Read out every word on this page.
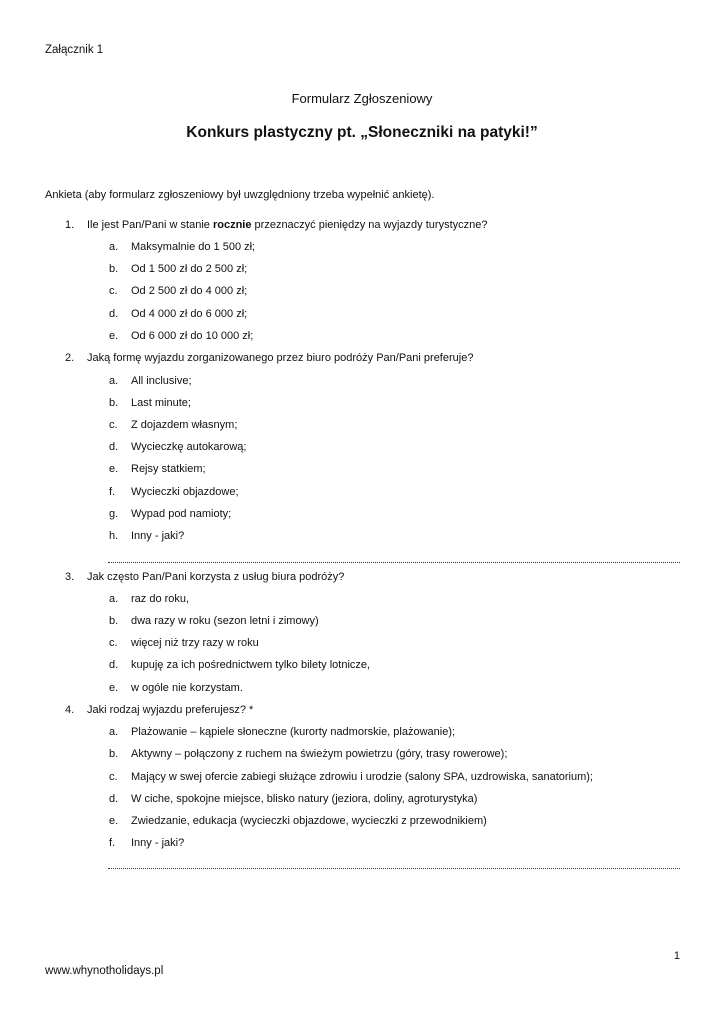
Załącznik 1
Formularz Zgłoszeniowy
Konkurs plastyczny pt. „Słoneczniki na patyki!”
Ankieta (aby formularz zgłoszeniowy był uwzględniony trzeba wypełnić ankietę).
1. Ile jest Pan/Pani w stanie rocznie przeznaczyć pieniędzy na wyjazdy turystyczne?
a. Maksymalnie do 1 500 zł;
b. Od 1 500 zł do 2 500 zł;
c. Od 2 500 zł do 4 000 zł;
d. Od 4 000 zł do 6 000 zł;
e. Od 6 000 zł do 10 000 zł;
2. Jaką formę wyjazdu zorganizowanego przez biuro podróży Pan/Pani preferuje?
a. All inclusive;
b. Last minute;
c. Z dojazdem własnym;
d. Wycieczkę autokarową;
e. Rejsy statkiem;
f. Wycieczki objazdowe;
g. Wypad pod namioty;
h. Inny - jaki?
3. Jak często Pan/Pani korzysta z usług biura podróży?
a. raz do roku,
b. dwa razy w roku (sezon letni i zimowy)
c. więcej niż trzy razy w roku
d. kupuję za ich pośrednictwem tylko bilety lotnicze,
e. w ogóle nie korzystam.
4. Jaki rodzaj wyjazdu preferujesz? *
a. Plażowanie – kąpiele słoneczne (kurorty nadmorskie, plażowanie);
b. Aktywny – połączony z ruchem na świeżym powietrzu (góry, trasy rowerowe);
c. Mający w swej ofercie zabiegi służące zdrowiu i urodzie (salony SPA, uzdrowiska, sanatorium);
d. W ciche, spokojne miejsce, blisko natury (jeziora, doliny, agroturystyka)
e. Zwiedzanie, edukacja (wycieczki objazdowe, wycieczki z przewodnikiem)
f. Inny - jaki?
1
www.whynotholidays.pl
